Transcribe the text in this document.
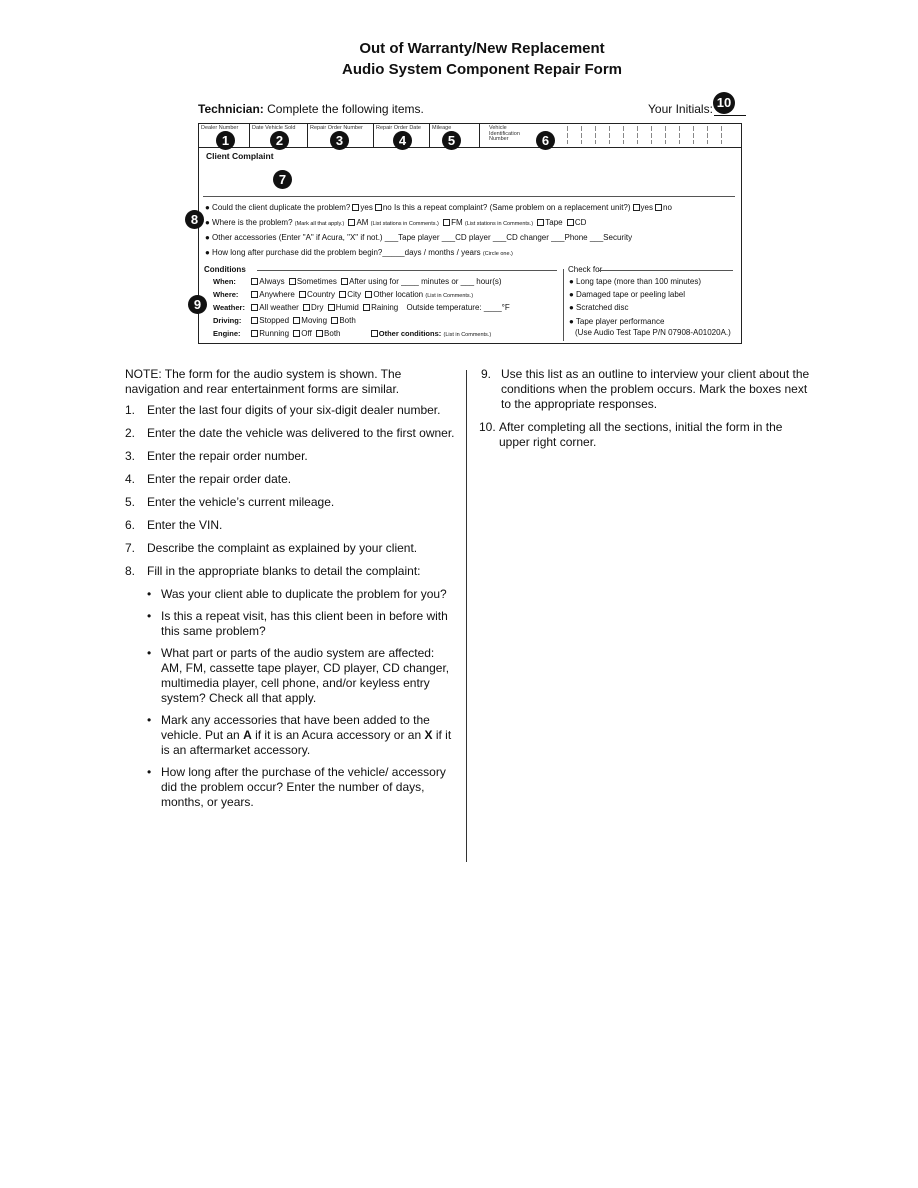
Out of Warranty/New Replacement
Audio System Component Repair Form
Technician: Complete the following items.	Your Initials: 10
Dealer Number	Date Vehicle Sold	Repair Order Number	Repair Order Date	Mileage	Vehicle
Identification
Number
1	2	3	4	5	6
Client Complaint
7
● Could the client duplicate the problem? yes no Is this a repeat complaint? (Same problem on a replacement unit?) yes no
● Where is the problem? (Mark all that apply.) AM (List stations in Comments.) FM (List stations in Comments.) Tape CD
● Other accessories (Enter "A" if Acura, "X" if not.) ___Tape player ___CD player ___CD changer ___Phone ___Security
● How long after purchase did the problem begin?_____days / months / years (Circle one.)
Conditions	Check for
When:	Always Sometimes After using for ____ minutes or ___ hour(s)
Where:	Anywhere Country City Other location (List in Comments.)
Weather: All weather Dry Humid Raining Outside temperature: ____°F
Driving: Stopped Moving Both
Engine: Running Off Both	Other conditions: (List in Comments.)
● Long tape (more than 100 minutes)
● Damaged tape or peeling label
● Scratched disc
● Tape player performance
(Use Audio Test Tape P/N 07908-A01020A.)
8
9
NOTE: The form for the audio system is shown. The navigation and rear entertainment forms are similar.
1. Enter the last four digits of your six-digit dealer number.
2. Enter the date the vehicle was delivered to the first owner.
3. Enter the repair order number.
4. Enter the repair order date.
5. Enter the vehicle’s current mileage.
6. Enter the VIN.
7. Describe the complaint as explained by your client.
8. Fill in the appropriate blanks to detail the complaint:
• Was your client able to duplicate the problem for you?
• Is this a repeat visit, has this client been in before with this same problem?
• What part or parts of the audio system are affected: AM, FM, cassette tape player, CD player, CD changer, multimedia player, cell phone, and/or keyless entry system? Check all that apply.
• Mark any accessories that have been added to the vehicle. Put an A if it is an Acura accessory or an X if it is an aftermarket accessory.
• How long after the purchase of the vehicle/ accessory did the problem occur? Enter the number of days, months, or years.
9. Use this list as an outline to interview your client about the conditions when the problem occurs. Mark the boxes next to the appropriate responses.
10. After completing all the sections, initial the form in the upper right corner.
